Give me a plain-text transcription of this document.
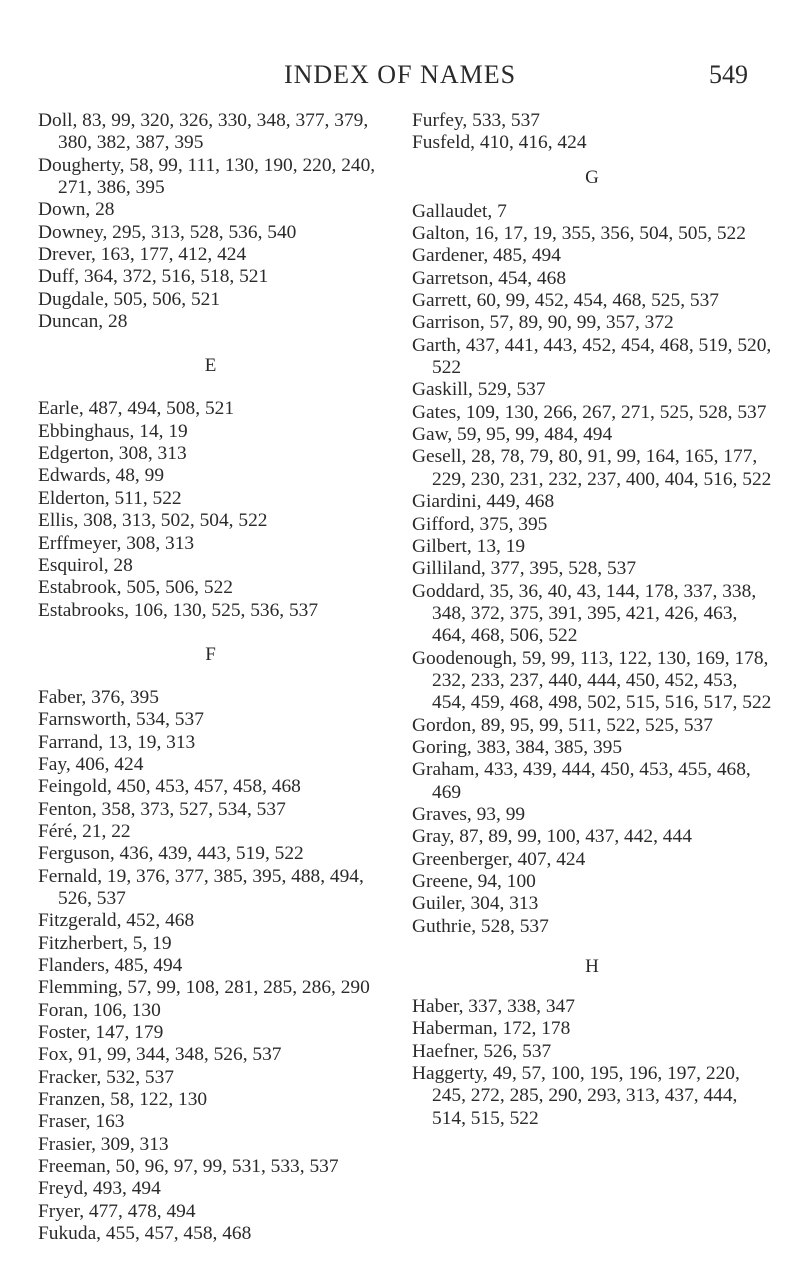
INDEX OF NAMES	549
Doll, 83, 99, 320, 326, 330, 348, 377, 379, 380, 382, 387, 395
Dougherty, 58, 99, 111, 130, 190, 220, 240, 271, 386, 395
Down, 28
Downey, 295, 313, 528, 536, 540
Drever, 163, 177, 412, 424
Duff, 364, 372, 516, 518, 521
Dugdale, 505, 506, 521
Duncan, 28
E
Earle, 487, 494, 508, 521
Ebbinghaus, 14, 19
Edgerton, 308, 313
Edwards, 48, 99
Elderton, 511, 522
Ellis, 308, 313, 502, 504, 522
Erffmeyer, 308, 313
Esquirol, 28
Estabrook, 505, 506, 522
Estabrooks, 106, 130, 525, 536, 537
F
Faber, 376, 395
Farnsworth, 534, 537
Farrand, 13, 19, 313
Fay, 406, 424
Feingold, 450, 453, 457, 458, 468
Fenton, 358, 373, 527, 534, 537
Féré, 21, 22
Ferguson, 436, 439, 443, 519, 522
Fernald, 19, 376, 377, 385, 395, 488, 494, 526, 537
Fitzgerald, 452, 468
Fitzherbert, 5, 19
Flanders, 485, 494
Flemming, 57, 99, 108, 281, 285, 286, 290
Foran, 106, 130
Foster, 147, 179
Fox, 91, 99, 344, 348, 526, 537
Fracker, 532, 537
Franzen, 58, 122, 130
Fraser, 163
Frasier, 309, 313
Freeman, 50, 96, 97, 99, 531, 533, 537
Freyd, 493, 494
Fryer, 477, 478, 494
Fukuda, 455, 457, 458, 468
Furfey, 533, 537
Fusfeld, 410, 416, 424
G
Gallaudet, 7
Galton, 16, 17, 19, 355, 356, 504, 505, 522
Gardener, 485, 494
Garretson, 454, 468
Garrett, 60, 99, 452, 454, 468, 525, 537
Garrison, 57, 89, 90, 99, 357, 372
Garth, 437, 441, 443, 452, 454, 468, 519, 520, 522
Gaskill, 529, 537
Gates, 109, 130, 266, 267, 271, 525, 528, 537
Gaw, 59, 95, 99, 484, 494
Gesell, 28, 78, 79, 80, 91, 99, 164, 165, 177, 229, 230, 231, 232, 237, 400, 404, 516, 522
Giardini, 449, 468
Gifford, 375, 395
Gilbert, 13, 19
Gilliland, 377, 395, 528, 537
Goddard, 35, 36, 40, 43, 144, 178, 337, 338, 348, 372, 375, 391, 395, 421, 426, 463, 464, 468, 506, 522
Goodenough, 59, 99, 113, 122, 130, 169, 178, 232, 233, 237, 440, 444, 450, 452, 453, 454, 459, 468, 498, 502, 515, 516, 517, 522
Gordon, 89, 95, 99, 511, 522, 525, 537
Goring, 383, 384, 385, 395
Graham, 433, 439, 444, 450, 453, 455, 468, 469
Graves, 93, 99
Gray, 87, 89, 99, 100, 437, 442, 444
Greenberger, 407, 424
Greene, 94, 100
Guiler, 304, 313
Guthrie, 528, 537
H
Haber, 337, 338, 347
Haberman, 172, 178
Haefner, 526, 537
Haggerty, 49, 57, 100, 195, 196, 197, 220, 245, 272, 285, 290, 293, 313, 437, 444, 514, 515, 522
